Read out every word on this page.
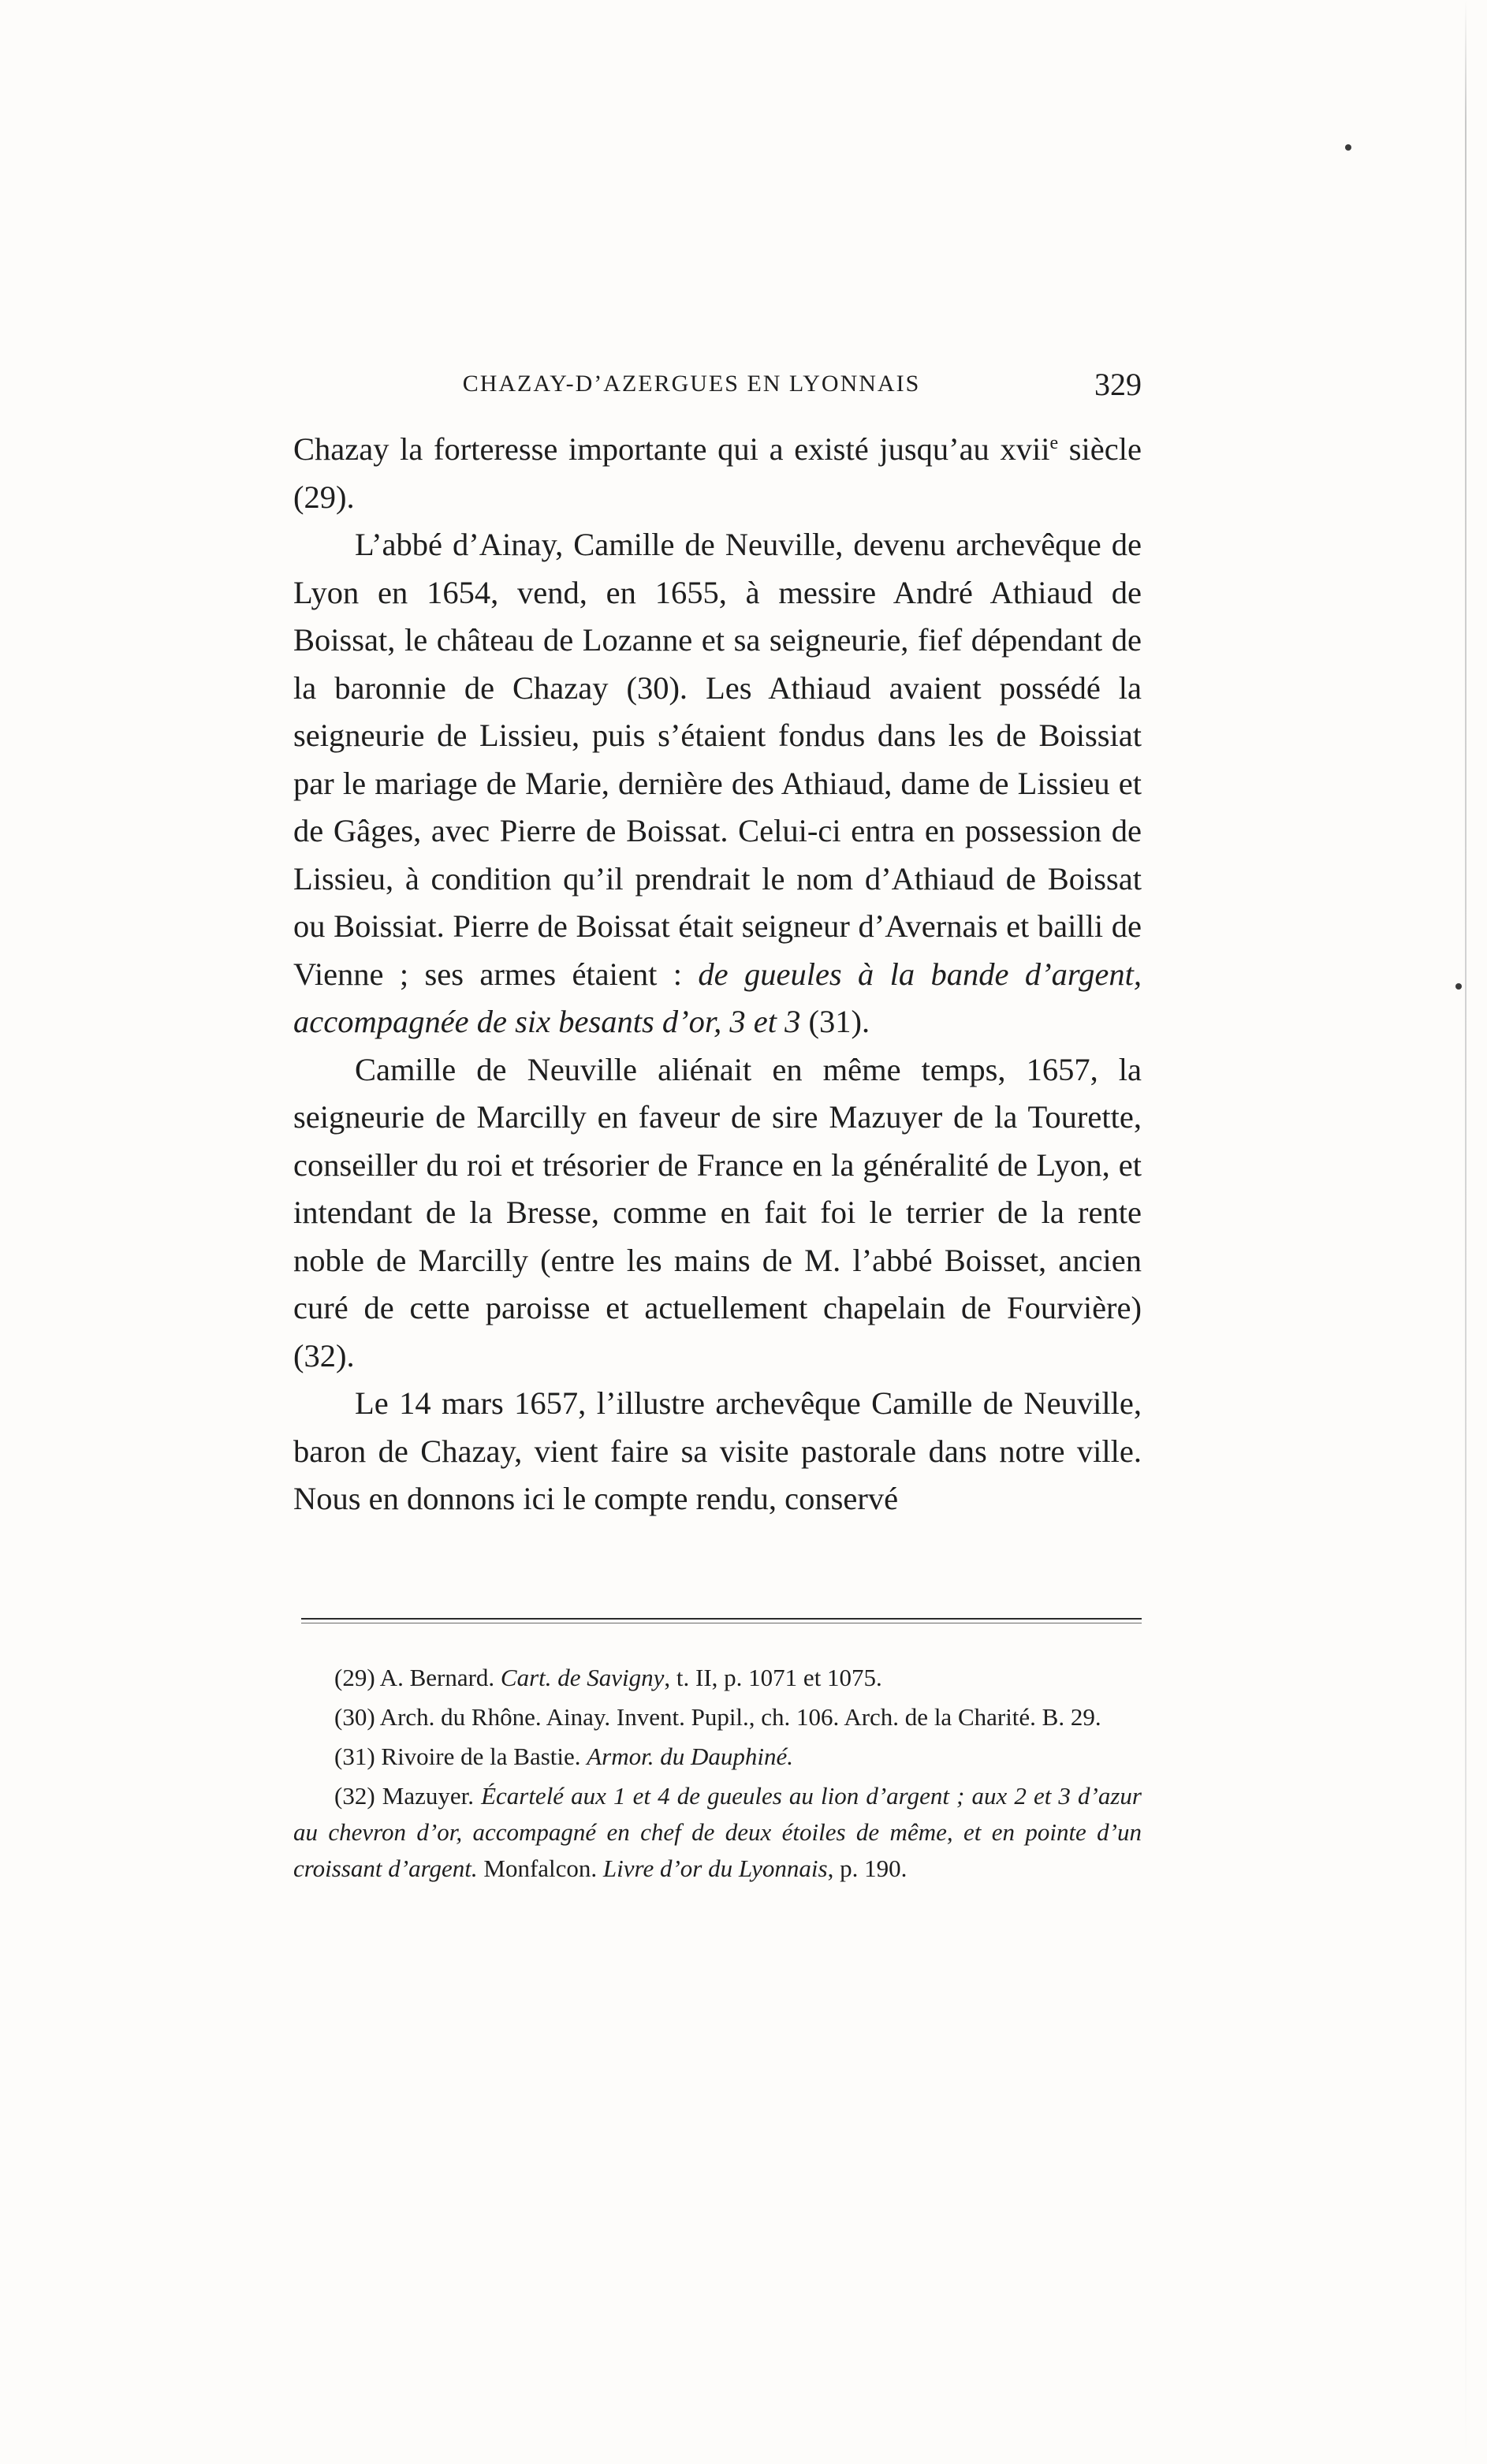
CHAZAY-D’AZERGUES EN LYONNAIS	329

Chazay la forteresse importante qui a existé jusqu’au xvii$^e$ siècle (29).

L’abbé d’Ainay, Camille de Neuville, devenu archevêque de Lyon en 1654, vend, en 1655, à messire André Athiaud de Boissat, le château de Lozanne et sa seigneurie, fief dépendant de la baronnie de Chazay (30). Les Athiaud avaient possédé la seigneurie de Lissieu, puis s’étaient fondus dans les de Boissiat par le mariage de Marie, dernière des Athiaud, dame de Lissieu et de Gâges, avec Pierre de Boissat. Celui-ci entra en possession de Lissieu, à condition qu’il prendrait le nom d’Athiaud de Boissat ou Boissiat. Pierre de Boissat était seigneur d’Avernais et bailli de Vienne ; ses armes étaient : de gueules à la bande d’argent, accompagnée de six besants d’or, 3 et 3 (31).

Camille de Neuville aliénait en même temps, 1657, la seigneurie de Marcilly en faveur de sire Mazuyer de la Tourette, conseiller du roi et trésorier de France en la généralité de Lyon, et intendant de la Bresse, comme en fait foi le terrier de la rente noble de Marcilly (entre les mains de M. l’abbé Boisset, ancien curé de cette paroisse et actuellement chapelain de Fourvière) (32).

Le 14 mars 1657, l’illustre archevêque Camille de Neuville, baron de Chazay, vient faire sa visite pastorale dans notre ville. Nous en donnons ici le compte rendu, conservé

(29) A. Bernard. Cart. de Savigny, t. II, p. 1071 et 1075.

(30) Arch. du Rhône. Ainay. Invent. Pupil., ch. 106. Arch. de la Charité. B. 29.

(31) Rivoire de la Bastie. Armor. du Dauphiné.

(32) Mazuyer. Écartelé aux 1 et 4 de gueules au lion d’argent ; aux 2 et 3 d’azur au chevron d’or, accompagné en chef de deux étoiles de même, et en pointe d’un croissant d’argent. Monfalcon. Livre d’or du Lyonnais, p. 190.
